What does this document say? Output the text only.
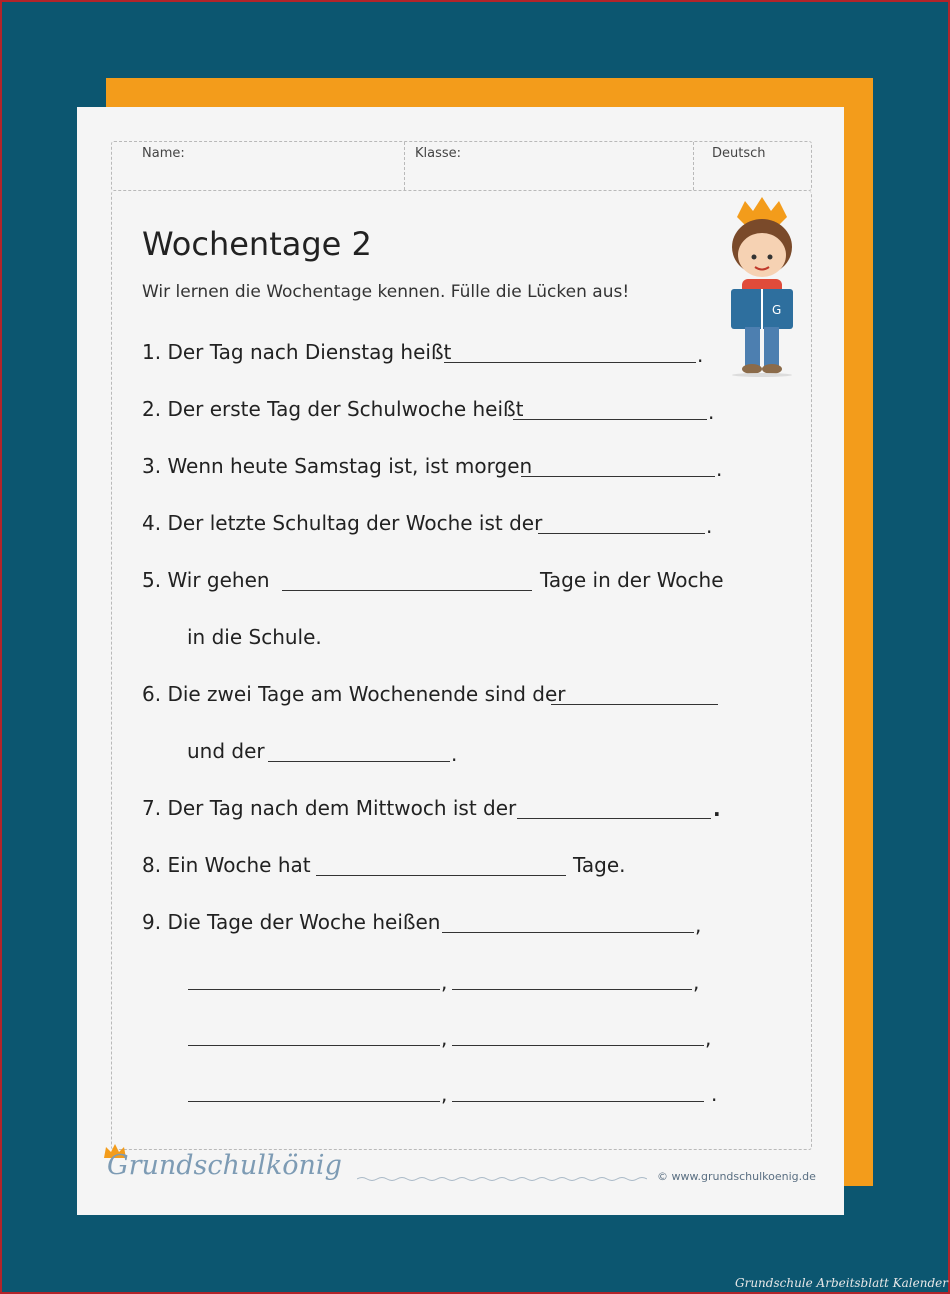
Name:	Klasse:	Deutsch
Wochentage 2
Wir lernen die Wochentage kennen. Fülle die Lücken aus!
G
1. Der Tag nach Dienstag heißt	.
2. Der erste Tag der Schulwoche heißt	.
3. Wenn heute Samstag ist, ist morgen	.
4. Der letzte Schultag der Woche ist der	.
5. Wir gehen	Tage in der Woche
in die Schule.
6. Die zwei Tage am Wochenende sind der
und der	.
7. Der Tag nach dem Mittwoch ist der	.
8. Ein Woche hat	Tage.
9. Die Tage der Woche heißen	,
,	,
,	,
,	.
Grundschulkönig	© www.grundschulkoenig.de
Grundschule Arbeitsblatt Kalender
